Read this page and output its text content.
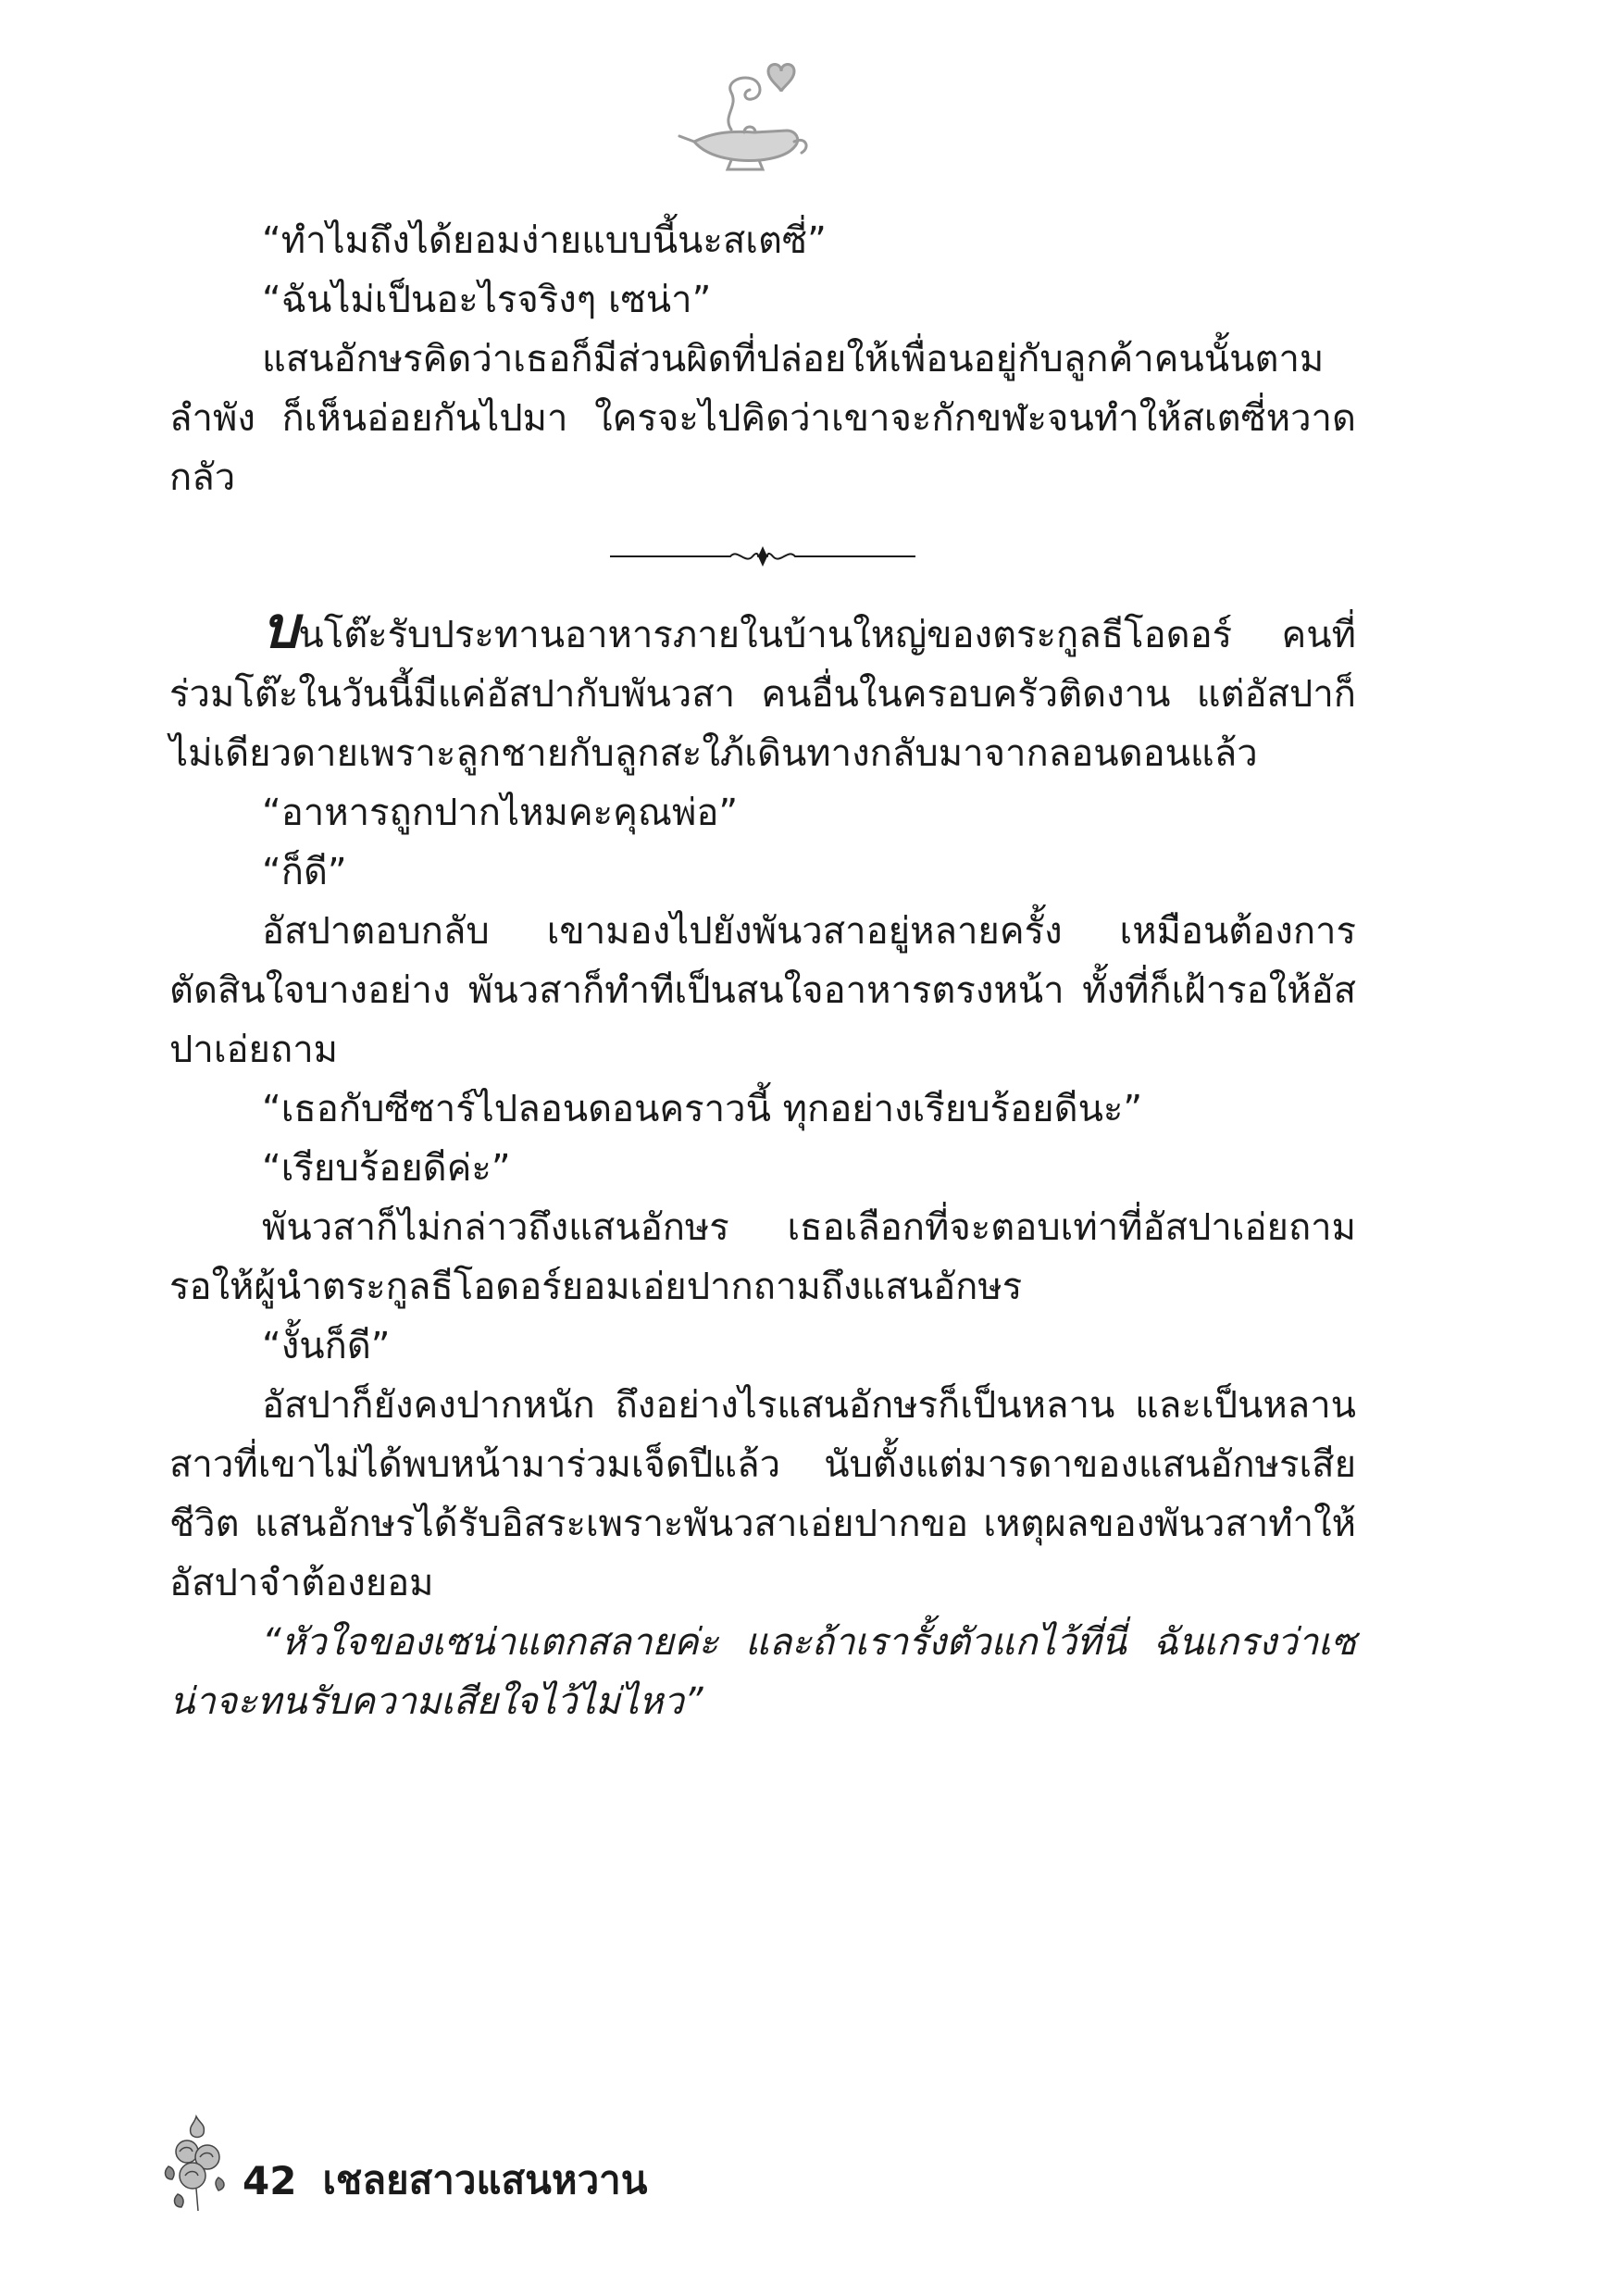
“ทำไมถึงได้ยอมง่ายแบบนี้นะสเตซี่”

“ฉันไม่เป็นอะไรจริงๆ เซน่า”

แสนอักษรคิดว่าเธอก็มีส่วนผิดที่ปล่อยให้เพื่อนอยู่กับลูกค้าคนนั้นตามลำพัง ก็เห็นอ่อยกันไปมา ใครจะไปคิดว่าเขาจะกักขฬะจนทำให้สเตซี่หวาดกลัว

บนโต๊ะรับประทานอาหารภายในบ้านใหญ่ของตระกูลธีโอดอร์ คนที่ร่วมโต๊ะในวันนี้มีแค่อัสปากับพันวสา คนอื่นในครอบครัวติดงาน แต่อัสปาก็ไม่เดียวดายเพราะลูกชายกับลูกสะใภ้เดินทางกลับมาจากลอนดอนแล้ว

“อาหารถูกปากไหมคะคุณพ่อ”

“ก็ดี”

อัสปาตอบกลับ เขามองไปยังพันวสาอยู่หลายครั้ง เหมือนต้องการตัดสินใจบางอย่าง พันวสาก็ทำทีเป็นสนใจอาหารตรงหน้า ทั้งที่ก็เฝ้ารอให้อัสปาเอ่ยถาม

“เธอกับซีซาร์ไปลอนดอนคราวนี้ ทุกอย่างเรียบร้อยดีนะ”

“เรียบร้อยดีค่ะ”

พันวสาก็ไม่กล่าวถึงแสนอักษร เธอเลือกที่จะตอบเท่าที่อัสปาเอ่ยถาม รอให้ผู้นำตระกูลธีโอดอร์ยอมเอ่ยปากถามถึงแสนอักษร

“งั้นก็ดี”

อัสปาก็ยังคงปากหนัก ถึงอย่างไรแสนอักษรก็เป็นหลาน และเป็นหลานสาวที่เขาไม่ได้พบหน้ามาร่วมเจ็ดปีแล้ว นับตั้งแต่มารดาของแสนอักษรเสียชีวิต แสนอักษรได้รับอิสระเพราะพันวสาเอ่ยปากขอ เหตุผลของพันวสาทำให้อัสปาจำต้องยอม

“หัวใจของเซน่าแตกสลายค่ะ และถ้าเรารั้งตัวแกไว้ที่นี่ ฉันเกรงว่าเซน่าจะทนรับความเสียใจไว้ไม่ไหว”

42 เชลยสาวแสนหวาน
